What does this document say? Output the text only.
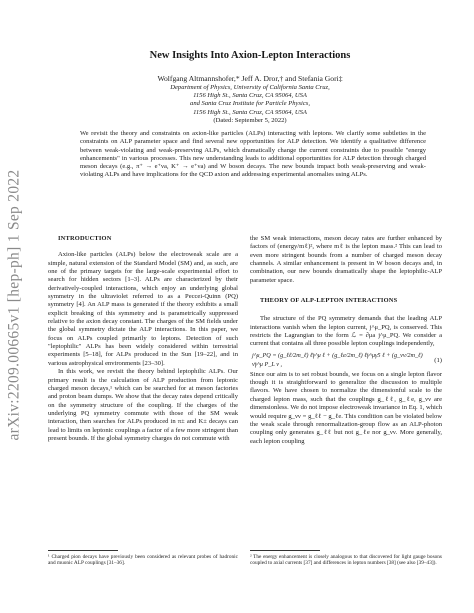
arXiv:2209.00665v1 [hep-ph] 1 Sep 2022
New Insights Into Axion-Lepton Interactions
Wolfgang Altmannshofer,* Jeff A. Dror,† and Stefania Gori‡
Department of Physics, University of California Santa Cruz,
1156 High St., Santa Cruz, CA 95064, USA
and Santa Cruz Institute for Particle Physics,
1156 High St., Santa Cruz, CA 95064, USA
(Dated: September 5, 2022)

We revisit the theory and constraints on axion-like particles (ALPs) interacting with leptons. We clarify some subtleties in the constraints on ALP parameter space and find several new opportunities for ALP detection. We identify a qualitative difference between weak-violating and weak-preserving ALPs, which dramatically change the current constraints due to possible "energy enhancements" in various processes. This new understanding leads to additional opportunities for ALP detection through charged meson decays (e.g., π⁺ → e⁺νa, K⁺ → e⁺νa) and W boson decays. The new bounds impact both weak-preserving and weak-violating ALPs and have implications for the QCD axion and addressing experimental anomalies using ALPs.

INTRODUCTION

Axion-like particles (ALPs) below the electroweak scale are a simple, natural extension of the Standard Model (SM) and, as such, are one of the primary targets for the large-scale experimental effort to search for hidden sectors [1–3]. ALPs are characterized by their derivatively-coupled interactions, which enjoy an underlying global symmetry in the ultraviolet referred to as a Peccei-Quinn (PQ) symmetry [4]. An ALP mass is generated if the theory exhibits a small explicit breaking of this symmetry and is parametrically suppressed relative to the axion decay constant. The charges of the SM fields under the global symmetry dictate the ALP interactions. In this paper, we focus on ALPs coupled primarily to leptons. Detection of such "leptophilic" ALPs has been widely considered within terrestrial experiments [5–18], for ALPs produced in the Sun [19–22], and in various astrophysical environments [23–30].

In this work, we revisit the theory behind leptophilic ALPs. Our primary result is the calculation of ALP production from leptonic charged meson decays,¹ which can be searched for at meson factories and proton beam dumps. We show that the decay rates depend critically on the symmetry structure of the coupling. If the charges of the underlying PQ symmetry commute with those of the SM weak interaction, then searches for ALPs produced in π± and K± decays can lead to limits on leptonic couplings a factor of a few more stringent than present bounds. If the global symmetry charges do not commute with

the SM weak interactions, meson decay rates are further enhanced by factors of (energy/mℓ)², where mℓ is the lepton mass.² This can lead to even more stringent bounds from a number of charged meson decay channels. A similar enhancement is present in W boson decays and, in combination, our new bounds dramatically shape the leptophilic-ALP parameter space.

THEORY OF ALP-LEPTON INTERACTIONS

The structure of the PQ symmetry demands that the leading ALP interactions vanish when the lepton current, j^μ_PQ, is conserved. This restricts the Lagrangian to the form ℒ = ∂μa j^μ_PQ. We consider a current that contains all three possible lepton couplings independently,

j^μ_PQ = (g_ℓℓ/2m_ℓ) ℓ̄γ^μ ℓ + (g_ℓe/2m_ℓ) ℓ̄γ^μγ5 ℓ + (g_νν/2m_ℓ) ν̄γ^μ P_L ν ,
(1)

Since our aim is to set robust bounds, we focus on a single lepton flavor though it is straightforward to generalize the discussion to multiple flavors. We have chosen to normalize the dimensionful scale to the charged lepton mass, such that the couplings g_ℓℓ, g_ℓe, g_νν are dimensionless. We do not impose electroweak invariance in Eq. 1, which would require g_νν = g_ℓℓ − g_ℓe. This condition can be violated below the weak scale through renormalization-group flow as an ALP-photon coupling only generates g_ℓℓ but not g_ℓe nor g_νν. More generally, each lepton coupling

¹ Charged pion decays have previously been considered as relevant probes of hadronic and muonic ALP couplings [31–36].

² The energy enhancement is closely analogous to that discovered for light gauge bosons coupled to axial currents [37] and differences in lepton numbers [38] (see also [39–43]).
